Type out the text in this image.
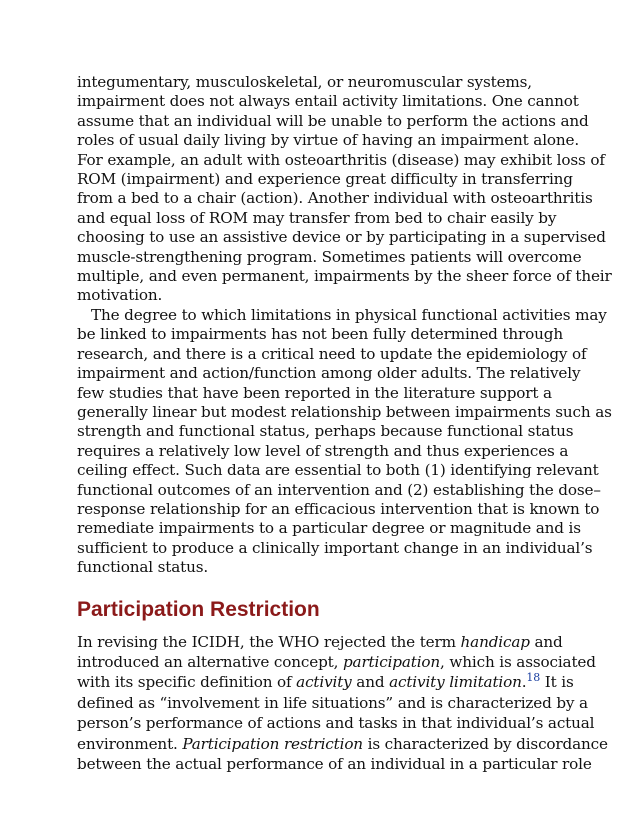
integumentary, musculoskeletal, or neuromuscular systems,
impairment does not always entail activity limitations. One cannot
assume that an individual will be unable to perform the actions and
roles of usual daily living by virtue of having an impairment alone.
For example, an adult with osteoarthritis (disease) may exhibit loss of
ROM (impairment) and experience great difficulty in transferring
from a bed to a chair (action). Another individual with osteoarthritis
and equal loss of ROM may transfer from bed to chair easily by
choosing to use an assistive device or by participating in a supervised
muscle-strengthening program. Sometimes patients will overcome
multiple, and even permanent, impairments by the sheer force of their
motivation.
The degree to which limitations in physical functional activities may
be linked to impairments has not been fully determined through
research, and there is a critical need to update the epidemiology of
impairment and action/function among older adults. The relatively
few studies that have been reported in the literature support a
generally linear but modest relationship between impairments such as
strength and functional status, perhaps because functional status
requires a relatively low level of strength and thus experiences a
ceiling effect. Such data are essential to both (1) identifying relevant
functional outcomes of an intervention and (2) establishing the dose–
response relationship for an efficacious intervention that is known to
remediate impairments to a particular degree or magnitude and is
sufficient to produce a clinically important change in an individual’s
functional status.
Participation Restriction
In revising the ICIDH, the WHO rejected the term handicap and
introduced an alternative concept, participation, which is associated
with its specific definition of activity and activity limitation.$^{18}$ It is
defined as “involvement in life situations” and is characterized by a
person’s performance of actions and tasks in that individual’s actual
environment. Participation restriction is characterized by discordance
between the actual performance of an individual in a particular role
